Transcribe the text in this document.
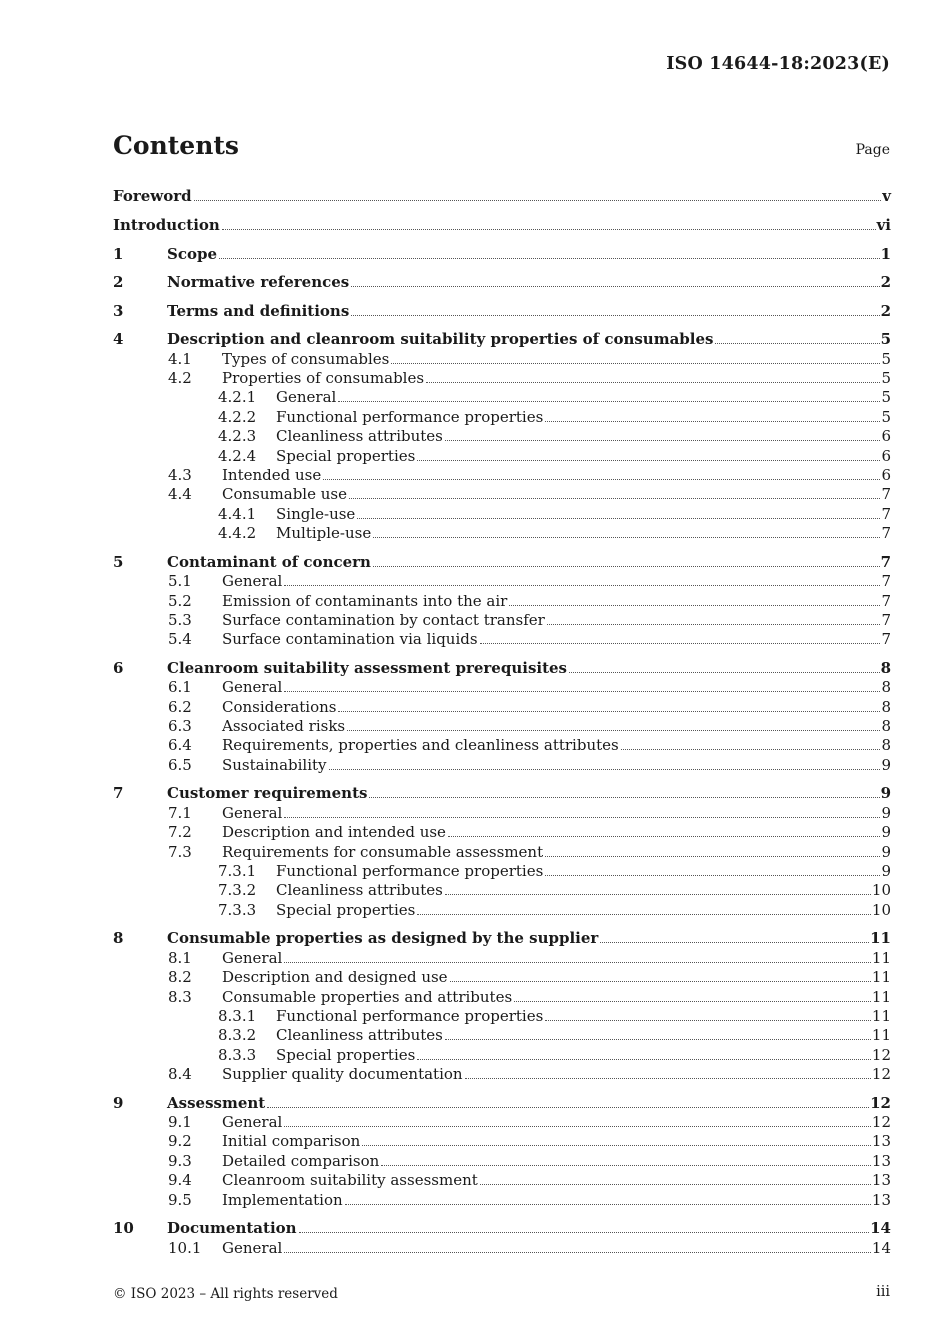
ISO 14644-18:2023(E)
Contents	Page
Foreword	v
Introduction	vi
1	Scope	1
2	Normative references	2
3	Terms and definitions	2
4	Description and cleanroom suitability properties of consumables	5
4.1 Types of consumables	5
4.2 Properties of consumables	5
4.2.1 General	5
4.2.2 Functional performance properties	5
4.2.3 Cleanliness attributes	6
4.2.4 Special properties	6
4.3 Intended use	6
4.4 Consumable use	7
4.4.1 Single-use	7
4.4.2 Multiple-use	7
5	Contaminant of concern	7
5.1 General	7
5.2 Emission of contaminants into the air	7
5.3 Surface contamination by contact transfer	7
5.4 Surface contamination via liquids	7
6	Cleanroom suitability assessment prerequisites	8
6.1 General	8
6.2 Considerations	8
6.3 Associated risks	8
6.4 Requirements, properties and cleanliness attributes	8
6.5 Sustainability	9
7	Customer requirements	9
7.1 General	9
7.2 Description and intended use	9
7.3 Requirements for consumable assessment	9
7.3.1 Functional performance properties	9
7.3.2 Cleanliness attributes	10
7.3.3 Special properties	10
8	Consumable properties as designed by the supplier	11
8.1 General	11
8.2 Description and designed use	11
8.3 Consumable properties and attributes	11
8.3.1 Functional performance properties	11
8.3.2 Cleanliness attributes	11
8.3.3 Special properties	12
8.4 Supplier quality documentation	12
9	Assessment	12
9.1 General	12
9.2 Initial comparison	13
9.3 Detailed comparison	13
9.4 Cleanroom suitability assessment	13
9.5 Implementation	13
10 Documentation	14
10.1 General	14
© ISO 2023 – All rights reserved	iii
